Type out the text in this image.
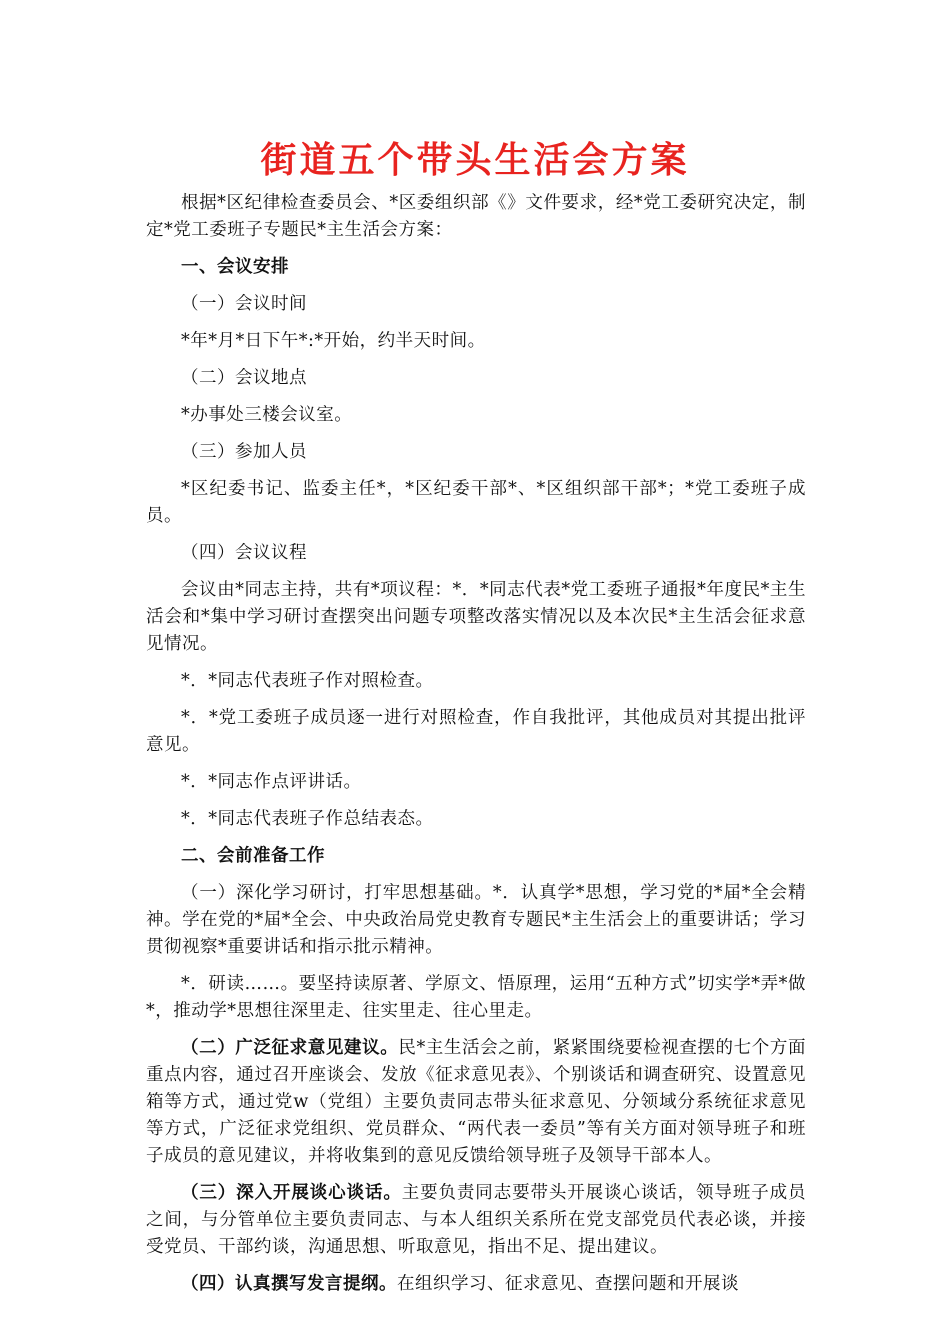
街道五个带头生活会方案

根据*区纪律检查委员会、*区委组织部《》文件要求，经*党工委研究决定，制定*党工委班子专题民*主生活会方案：

一、会议安排

（一）会议时间

*年*月*日下午*:*开始，约半天时间。

（二）会议地点

*办事处三楼会议室。

（三）参加人员

*区纪委书记、监委主任*，*区纪委干部*、*区组织部干部*；*党工委班子成员。

（四）会议议程

会议由*同志主持，共有*项议程：*．*同志代表*党工委班子通报*年度民*主生活会和*集中学习研讨查摆突出问题专项整改落实情况以及本次民*主生活会征求意见情况。

*．*同志代表班子作对照检查。

*．*党工委班子成员逐一进行对照检查，作自我批评，其他成员对其提出批评意见。

*．*同志作点评讲话。

*．*同志代表班子作总结表态。

二、会前准备工作

（一）深化学习研讨，打牢思想基础。*．认真学*思想，学习党的*届*全会精神。学在党的*届*全会、中央政治局党史教育专题民*主生活会上的重要讲话；学习贯彻视察*重要讲话和指示批示精神。

*．研读……。要坚持读原著、学原文、悟原理，运用“五种方式”切实学*弄*做*，推动学*思想往深里走、往实里走、往心里走。

（二）广泛征求意见建议。民*主生活会之前，紧紧围绕要检视查摆的七个方面重点内容，通过召开座谈会、发放《征求意见表》、个别谈话和调查研究、设置意见箱等方式，通过党w（党组）主要负责同志带头征求意见、分领域分系统征求意见等方式，广泛征求党组织、党员群众、“两代表一委员”等有关方面对领导班子和班子成员的意见建议，并将收集到的意见反馈给领导班子及领导干部本人。

（三）深入开展谈心谈话。主要负责同志要带头开展谈心谈话，领导班子成员之间，与分管单位主要负责同志、与本人组织关系所在党支部党员代表必谈，并接受党员、干部约谈，沟通思想、听取意见，指出不足、提出建议。

（四）认真撰写发言提纲。在组织学习、征求意见、查摆问题和开展谈
